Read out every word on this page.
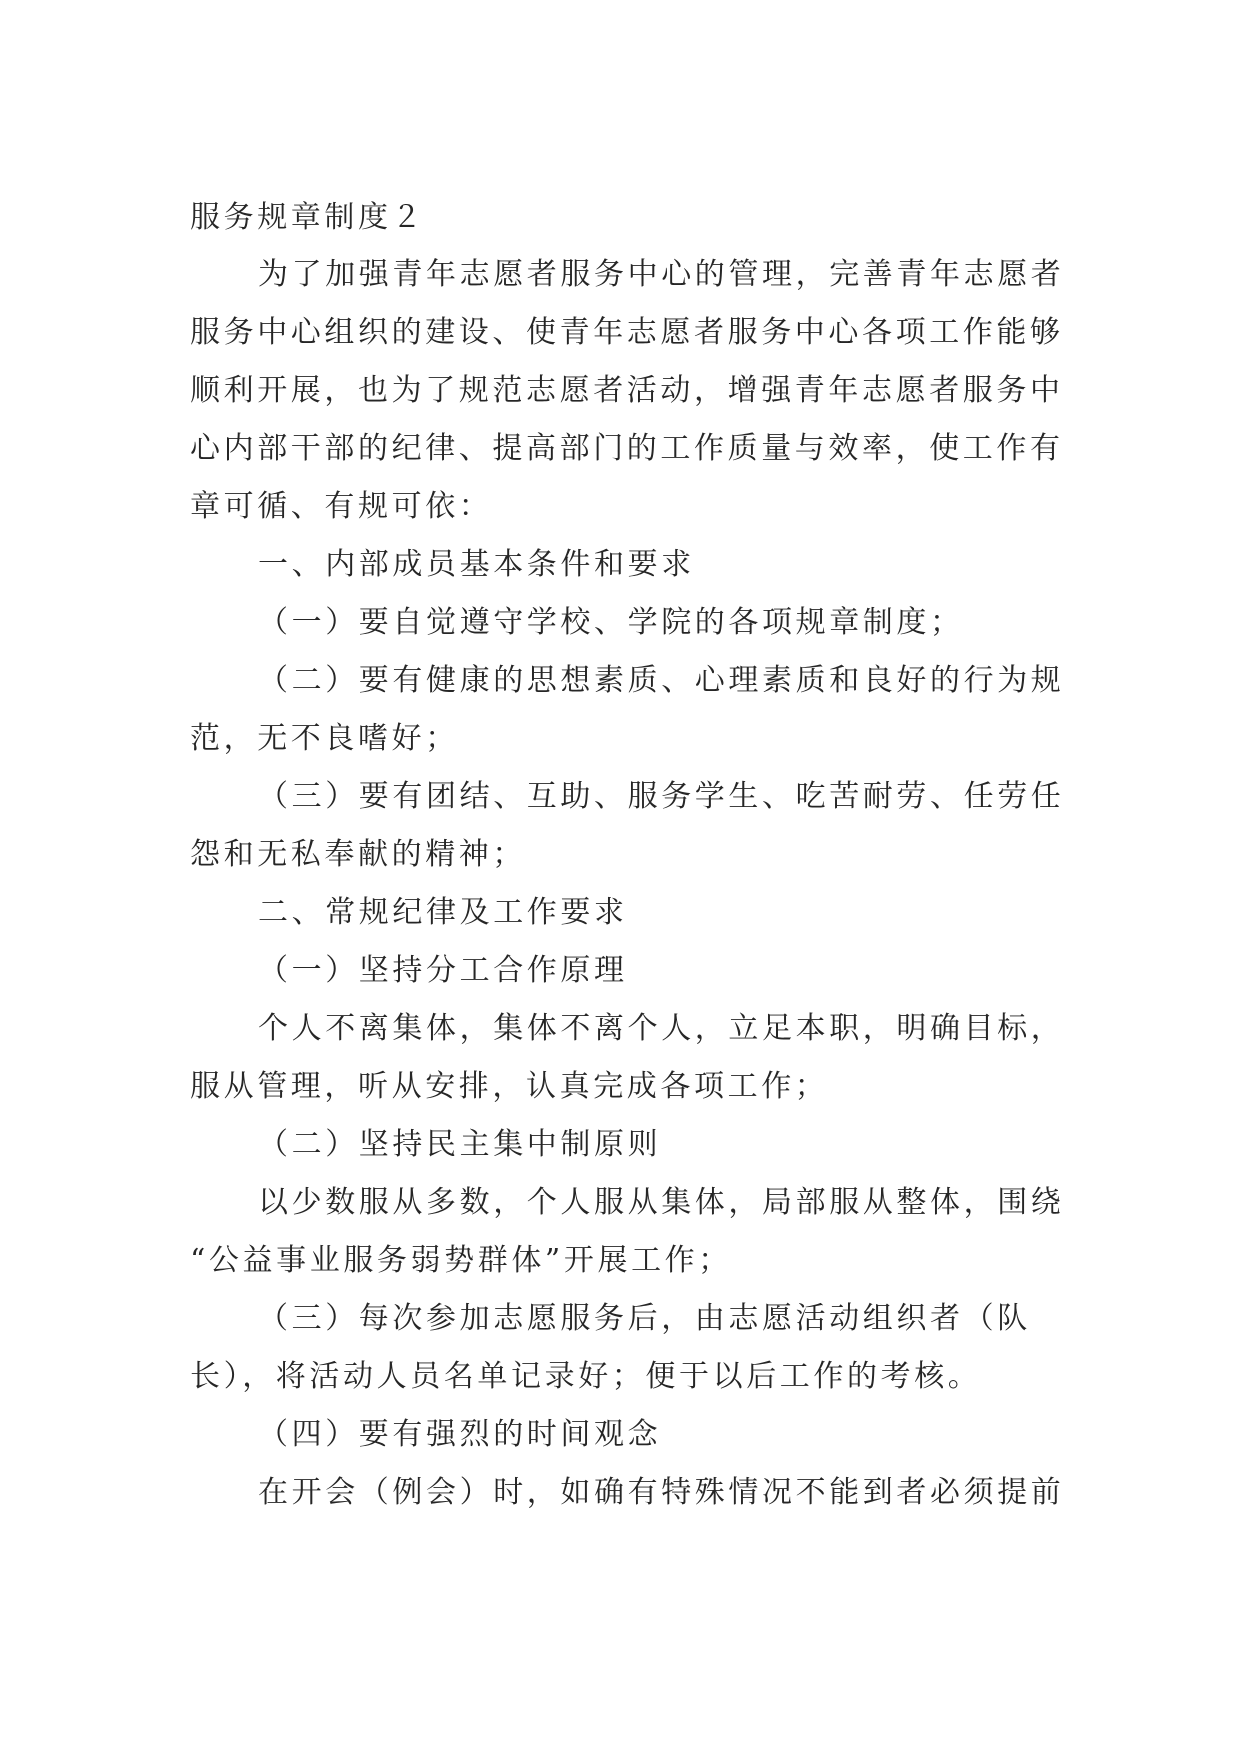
服务规章制度２
为了加强青年志愿者服务中心的管理，完善青年志愿者
服务中心组织的建设、使青年志愿者服务中心各项工作能够
顺利开展，也为了规范志愿者活动，增强青年志愿者服务中
心内部干部的纪律、提高部门的工作质量与效率，使工作有
章可循、有规可依：
一、内部成员基本条件和要求
（一）要自觉遵守学校、学院的各项规章制度；
（二）要有健康的思想素质、心理素质和良好的行为规
范，无不良嗜好；
（三）要有团结、互助、服务学生、吃苦耐劳、任劳任
怨和无私奉献的精神；
二、常规纪律及工作要求
（一）坚持分工合作原理
个人不离集体，集体不离个人，立足本职，明确目标，
服从管理，听从安排，认真完成各项工作；
（二）坚持民主集中制原则
以少数服从多数，个人服从集体，局部服从整体，围绕
“公益事业服务弱势群体”开展工作；
（三）每次参加志愿服务后，由志愿活动组织者（队
长），将活动人员名单记录好；便于以后工作的考核。
（四）要有强烈的时间观念
在开会（例会）时，如确有特殊情况不能到者必须提前
